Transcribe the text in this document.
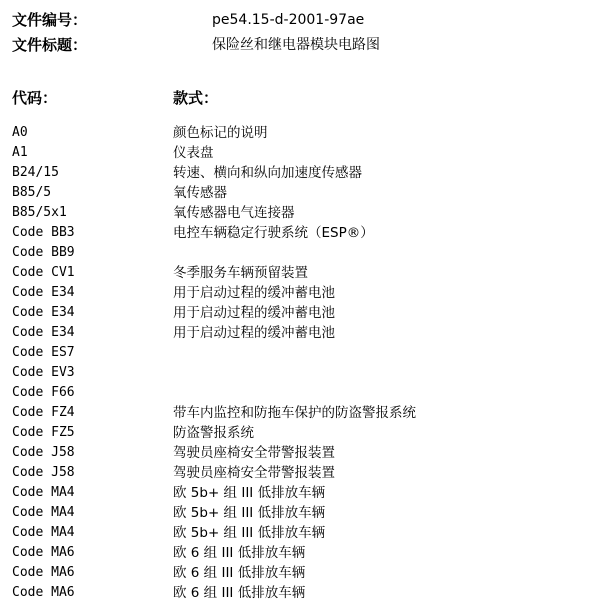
文件编号：	pe54.15-d-2001-97ae
文件标题：	保险丝和继电器模块电路图
代码：	款式：
A0	颜色标记的说明
A1	仪表盘
B24/15	转速、横向和纵向加速度传感器
B85/5	氧传感器
B85/5x1	氧传感器电气连接器
Code BB3	电控车辆稳定行驶系统（ESP®）
Code BB9
Code CV1	冬季服务车辆预留装置
Code E34	用于启动过程的缓冲蓄电池
Code E34	用于启动过程的缓冲蓄电池
Code E34	用于启动过程的缓冲蓄电池
Code ES7
Code EV3
Code F66
Code FZ4	带车内监控和防拖车保护的防盗警报系统
Code FZ5	防盗警报系统
Code J58	驾驶员座椅安全带警报装置
Code J58	驾驶员座椅安全带警报装置
Code MA4	欧 5b+ 组 III 低排放车辆
Code MA4	欧 5b+ 组 III 低排放车辆
Code MA4	欧 5b+ 组 III 低排放车辆
Code MA6	欧 6 组 III 低排放车辆
Code MA6	欧 6 组 III 低排放车辆
Code MA6	欧 6 组 III 低排放车辆
